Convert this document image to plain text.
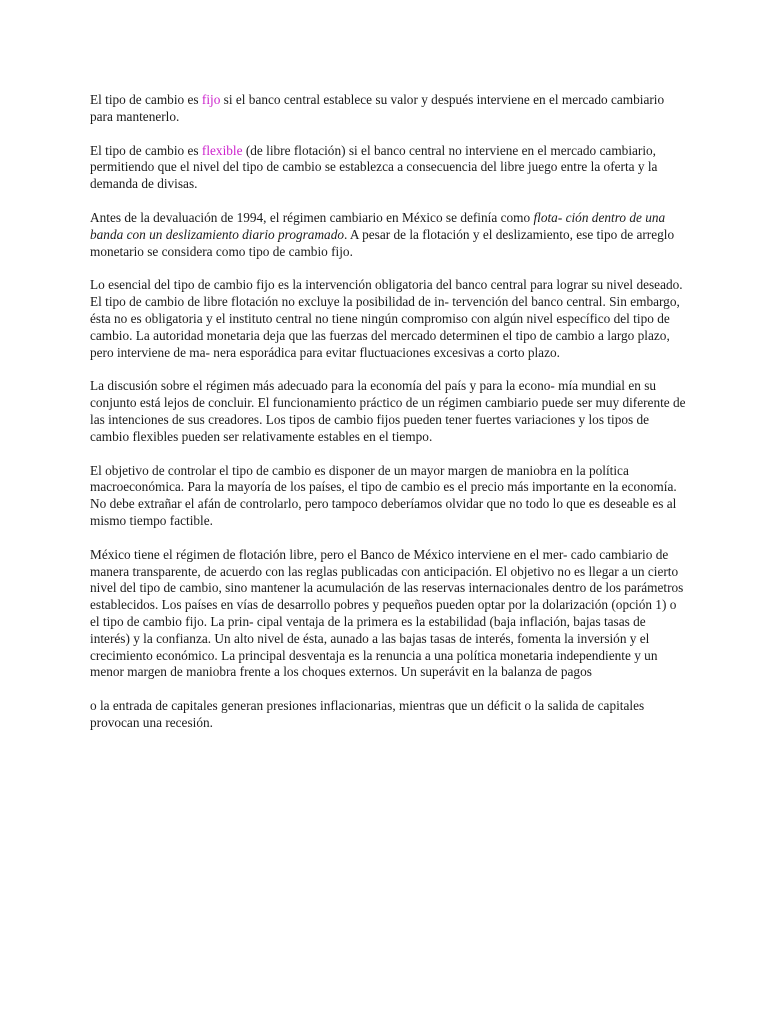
El tipo de cambio es fijo si el banco central establece su valor y después interviene en el mercado cambiario para mantenerlo.

El tipo de cambio es flexible (de libre flotación) si el banco central no interviene en el mercado cambiario, permitiendo que el nivel del tipo de cambio se establezca a consecuencia del libre juego entre la oferta y la demanda de divisas.

Antes de la devaluación de 1994, el régimen cambiario en México se definía como flota- ción dentro de una banda con un deslizamiento diario programado. A pesar de la flotación y el deslizamiento, ese tipo de arreglo monetario se considera como tipo de cambio fijo.

Lo esencial del tipo de cambio fijo es la intervención obligatoria del banco central para lograr su nivel deseado. El tipo de cambio de libre flotación no excluye la posibilidad de in- tervención del banco central. Sin embargo, ésta no es obligatoria y el instituto central no tiene ningún compromiso con algún nivel específico del tipo de cambio. La autoridad monetaria deja que las fuerzas del mercado determinen el tipo de cambio a largo plazo, pero interviene de ma- nera esporádica para evitar fluctuaciones excesivas a corto plazo.

La discusión sobre el régimen más adecuado para la economía del país y para la econo- mía mundial en su conjunto está lejos de concluir. El funcionamiento práctico de un régimen cambiario puede ser muy diferente de las intenciones de sus creadores. Los tipos de cambio fijos pueden tener fuertes variaciones y los tipos de cambio flexibles pueden ser relativamente estables en el tiempo.

El objetivo de controlar el tipo de cambio es disponer de un mayor margen de maniobra en la política macroeconómica. Para la mayoría de los países, el tipo de cambio es el precio más importante en la economía. No debe extrañar el afán de controlarlo, pero tampoco deberíamos olvidar que no todo lo que es deseable es al mismo tiempo factible.

México tiene el régimen de flotación libre, pero el Banco de México interviene en el mer- cado cambiario de manera transparente, de acuerdo con las reglas publicadas con anticipación. El objetivo no es llegar a un cierto nivel del tipo de cambio, sino mantener la acumulación de las reservas internacionales dentro de los parámetros establecidos. Los países en vías de desarrollo pobres y pequeños pueden optar por la dolarización (opción 1) o el tipo de cambio fijo. La prin- cipal ventaja de la primera es la estabilidad (baja inflación, bajas tasas de interés) y la confianza. Un alto nivel de ésta, aunado a las bajas tasas de interés, fomenta la inversión y el crecimiento económico. La principal desventaja es la renuncia a una política monetaria independiente y un menor margen de maniobra frente a los choques externos. Un superávit en la balanza de pagos

o la entrada de capitales generan presiones inflacionarias, mientras que un déficit o la salida de capitales provocan una recesión.
